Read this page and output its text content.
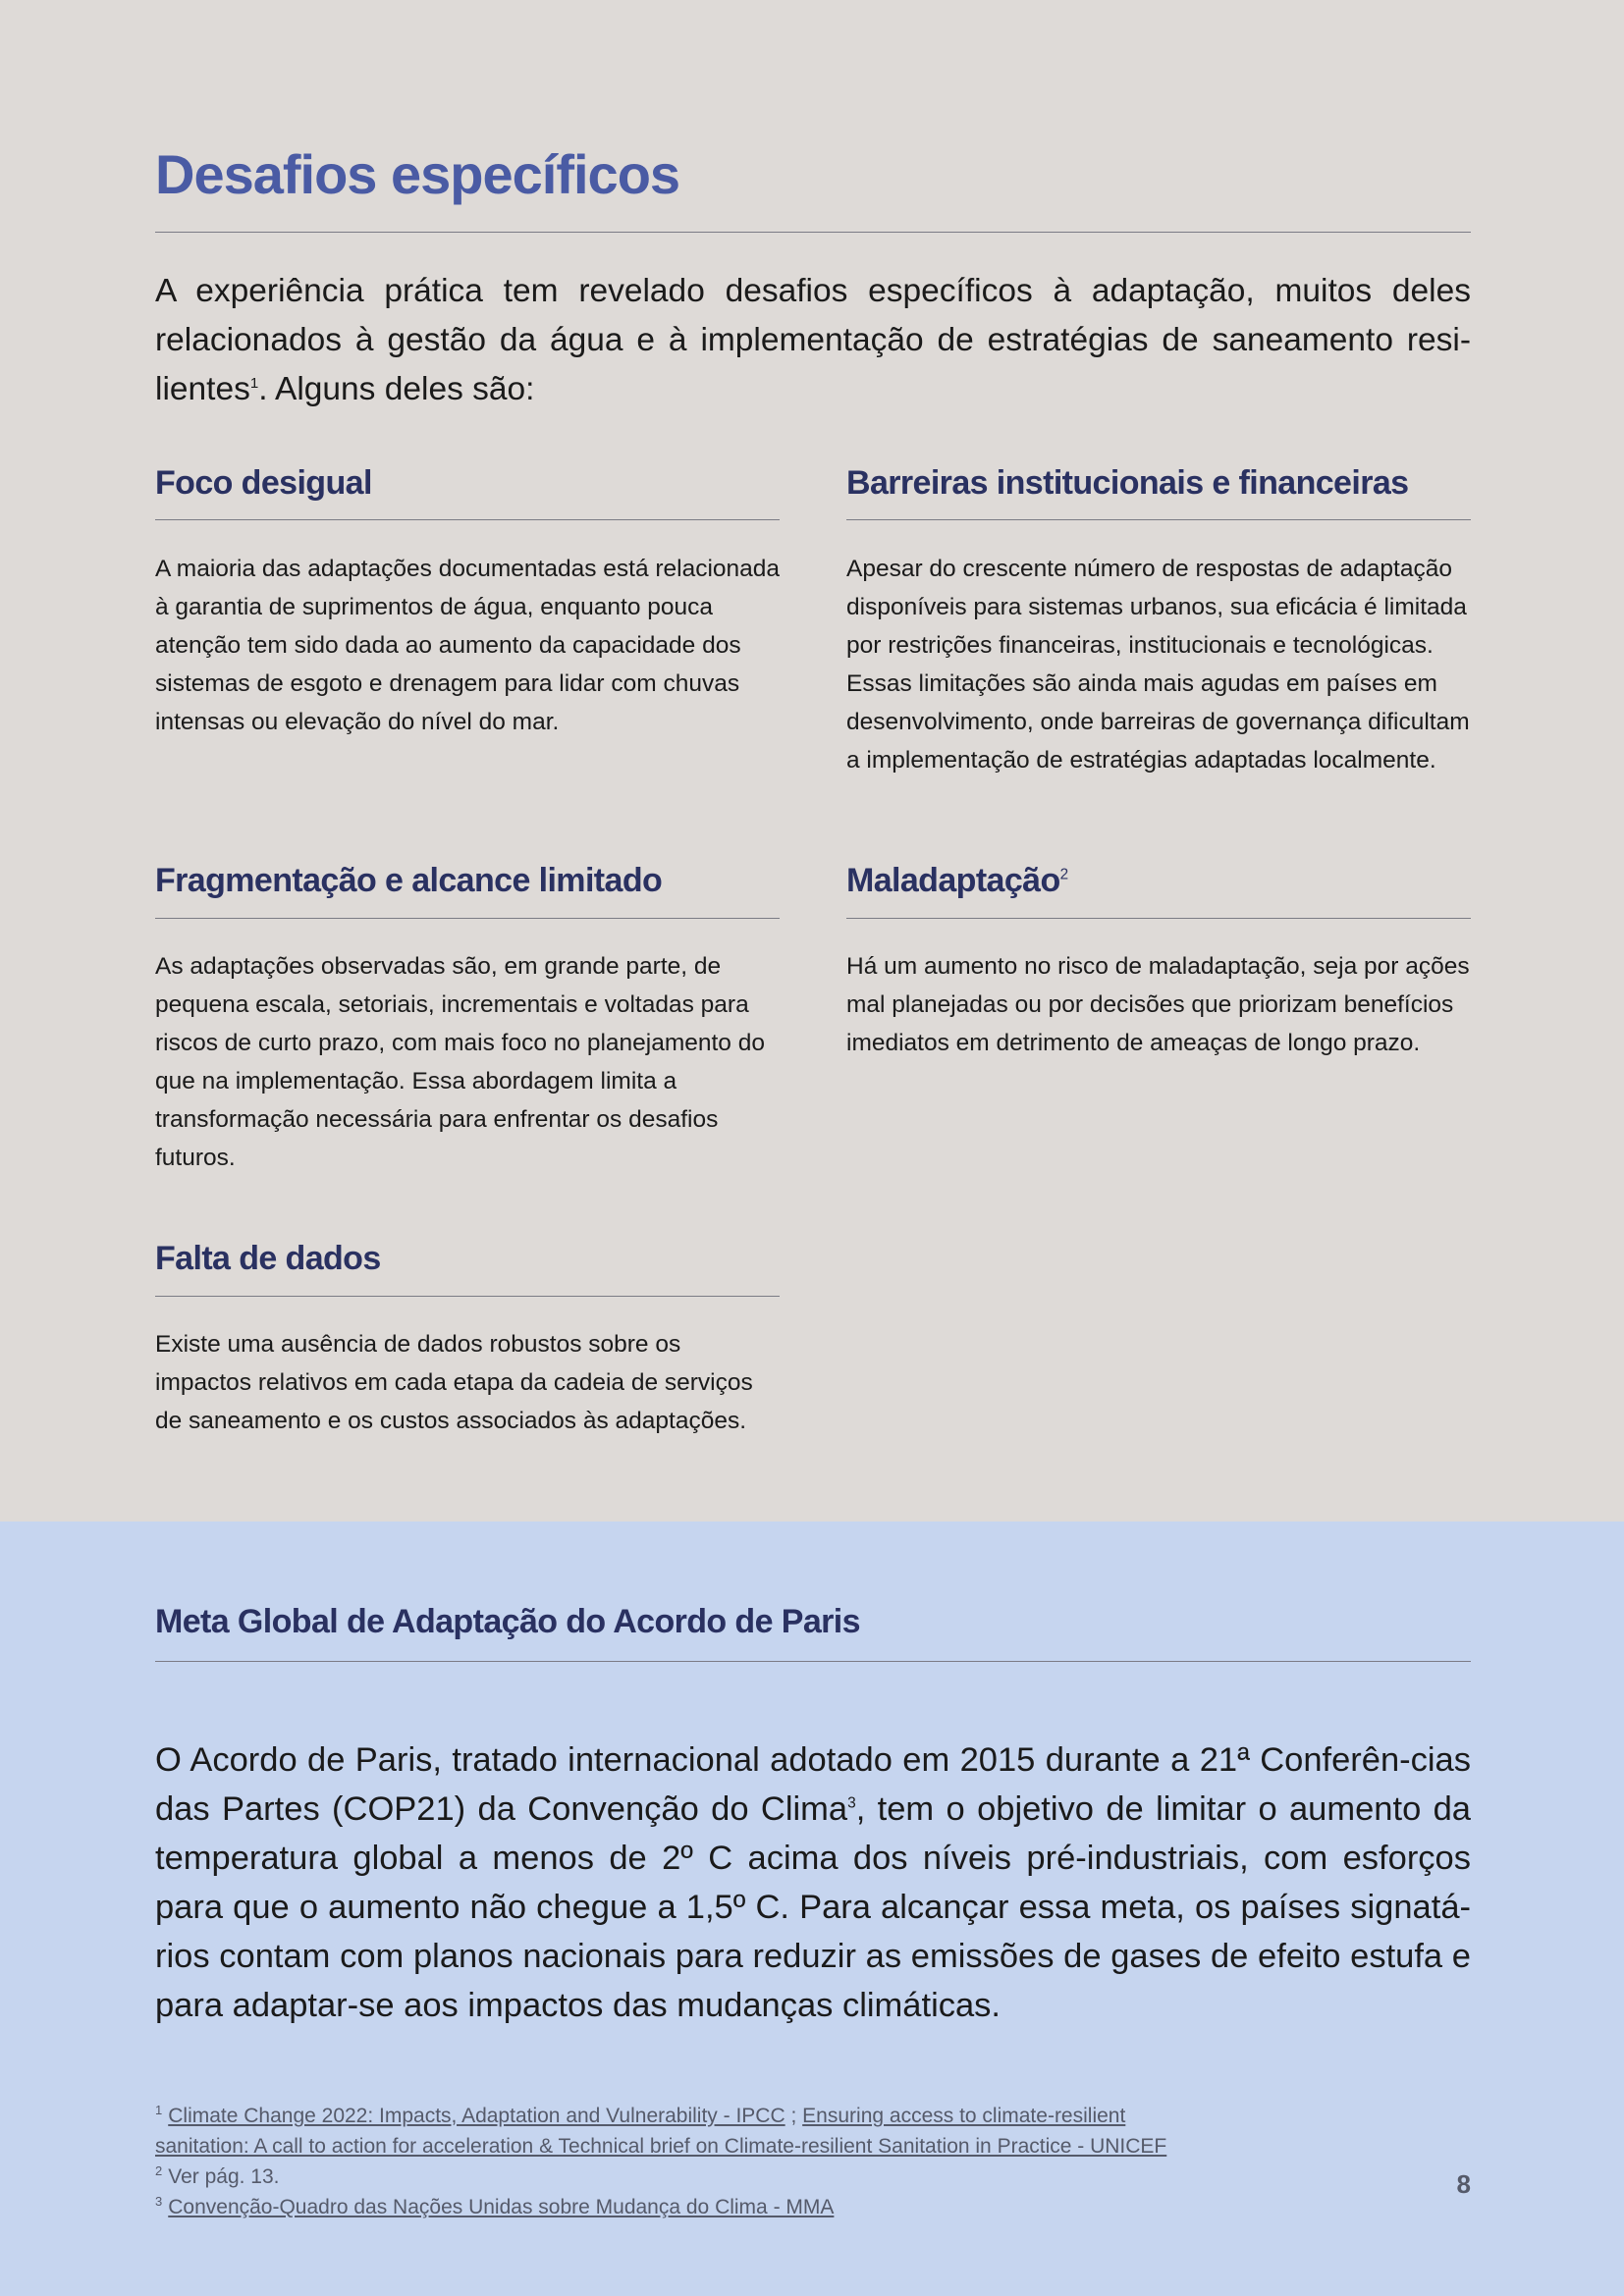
Desafios específicos

A experiência prática tem revelado desafios específicos à adaptação, muitos deles relacionados à gestão da água e à implementação de estratégias de saneamento resi-lientes$^1$. Alguns deles são:

Foco desigual

A maioria das adaptações documentadas está relacionada à garantia de suprimentos de água, enquanto pouca atenção tem sido dada ao aumento da capacidade dos sistemas de esgoto e drenagem para lidar com chuvas intensas ou elevação do nível do mar.

Barreiras institucionais e financeiras

Apesar do crescente número de respostas de adaptação disponíveis para sistemas urbanos, sua eficácia é limitada por restrições financeiras, institucionais e tecnológicas. Essas limitações são ainda mais agudas em países em desenvolvimento, onde barreiras de governança dificultam a implementação de estratégias adaptadas localmente.

Fragmentação e alcance limitado

As adaptações observadas são, em grande parte, de pequena escala, setoriais, incrementais e voltadas para riscos de curto prazo, com mais foco no planejamento do que na implementação. Essa abordagem limita a transformação necessária para enfrentar os desafios futuros.

Maladaptação$^2$

Há um aumento no risco de maladaptação, seja por ações mal planejadas ou por decisões que priorizam benefícios imediatos em detrimento de ameaças de longo prazo.

Falta de dados

Existe uma ausência de dados robustos sobre os impactos relativos em cada etapa da cadeia de serviços de saneamento e os custos associados às adaptações.

Meta Global de Adaptação do Acordo de Paris

O Acordo de Paris, tratado internacional adotado em 2015 durante a 21ª Conferên-cias das Partes (COP21) da Convenção do Clima$^3$, tem o objetivo de limitar o aumento da temperatura global a menos de 2º C acima dos níveis pré-industriais, com esforços para que o aumento não chegue a 1,5º C. Para alcançar essa meta, os países signatá-rios contam com planos nacionais para reduzir as emissões de gases de efeito estufa e para adaptar-se aos impactos das mudanças climáticas.

$^1$ Climate Change 2022: Impacts, Adaptation and Vulnerability - IPCC ; Ensuring access to climate-resilient
sanitation: A call to action for acceleration & Technical brief on Climate-resilient Sanitation in Practice - UNICEF
$^2$ Ver pág. 13.
$^3$ Convenção-Quadro das Nações Unidas sobre Mudança do Clima - MMA
8
